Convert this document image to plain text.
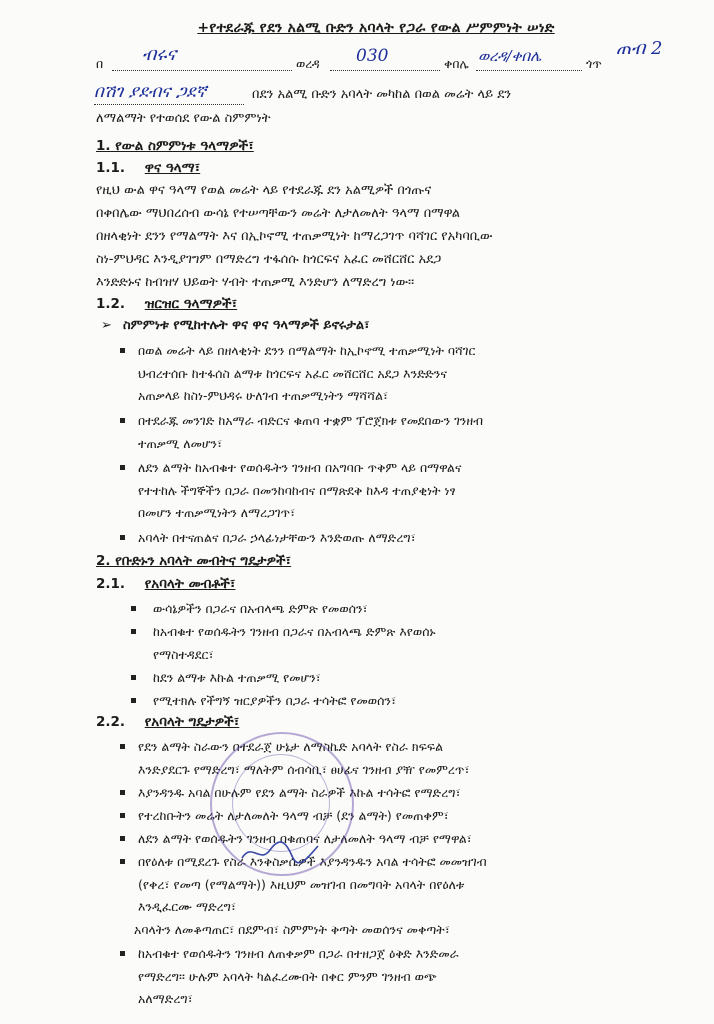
+የተደራጁ የደን አልሚ ቡድን አባላት የጋራ የውል ሥምምነት ሠነድ
በ ብሩና	ወረዳ 030	ቀበሌ ወረዳ/ቀበሌ	ጎጥ
ጠብ 2
በሽገ ያደብና ጋደኛ	በደን አልሚ ቡድን አባላት መካከል በወል መሬት ላይ ደን
ለማልማት የተወሰደ የውል ስምምነት
1. የውል ስምምነቱ ዓላማዎች፣
1.1. ዋና ዓላማ፣
የዚህ ውል ዋና ዓላማ የወል መሬት ላይ የተደራጁ ደን አልሚዎች በጎጡና
በቀበሌው ማህበረሰብ ውሳኔ የተሠጣቸውን መሬት ለታለመለት ዓላማ በማዋል
በዘላቂነት ደንን የማልማት እና በኢኮኖሚ ተጠቃሚነት ከማረጋገጥ ባሻገር የአካባቢው
ስነ-ምህዳር እንዲያገግም በማድረግ ተፋሰሱ ከጎርፍና አፈር መሸርሸር አደጋ
እንድድኑና ከብዝሃ ህይወት ሃብት ተጠቃሚ እንድሆን ለማድረግ ነው፡፡
1.2. ዝርዝር ዓላማዎች፣
➢ ስምምነቱ የሚከተሉት ዋና ዋና ዓላማዎች ይኖሩታል፣
በወል መሬት ላይ በዘላቂነት ደንን በማልማት ከኢኮኖሚ ተጠቃሚነት ባሻገር
ህብረተሰቡ ከተፋሰስ ልማቱ ከጎርፍና አፈር መሸርሸር አደጋ እንድድንና
አጠቃላይ ከስነ-ምህዳሩ ሁለገብ ተጠቃሚነትን ማሻሻል፣
በተደራጁ መንገድ ከአማራ ብድርና ቁጠባ ተቋም ፕሮጀክቱ የመደበውን ገንዘብ
ተጠቃሚ ለመሆን፣
ለደን ልማት ከአብቁተ የወሰዱትን ገንዘብ በአግባቡ ጥቅም ላይ በማዋልና
የተተከሉ ችግኞችን በጋራ በመንከባከብና በማጽደቅ ከእዳ ተጠያቂነት ነፃ
በመሆን ተጠቃሚነትን ለማረጋገጥ፣
አባላት በተናጠልና በጋራ ኃላፊነታቸውን እንድወጡ ለማድረግ፣
2. የቡድኑን አባላት መብትና ግዴታዎች፣
2.1. የአባላት መብቶች፣
ውሳኔዎችን በጋራና በአብላጫ ድምጽ የመወሰን፣
ከአብቁተ የወሰዱትን ገንዘብ በጋራና በአብላጫ ድምጽ እየወሰኑ
የማስተዳደር፣
ከደን ልማቱ እኩል ተጠቃሚ የመሆን፣
የሚተክሉ የችግኝ ዝርያዎችን በጋራ ተሳትፎ የመወሰን፣
2.2. የአባላት ግዴታዎች፣
የደን ልማት ስራውን በተደራጀ ሁኔታ ለማስኬድ አባላት የስራ ክፍፍል
እንድያደርጉ የማድረግ፣ ማለትም ሰብሳቢ፣ ፀሀፊና ገንዘብ ያዥ የመምረጥ፣
እያንዳንዱ አባል በሁሉም የደን ልማት ስራዎች እኩል ተሳትፎ የማድረግ፣
የተረከቡትን መሬት ለታለመለት ዓላማ ብቻ (ደን ልማት) የመጠቀም፣
ለደን ልማት የወሰዱትን ገንዘብ በቁጠባና ለታለመለት ዓላማ ብቻ የማዋል፣
በየዕለቱ በሚደረጉ የስራ እንቅስቃሴዎች እያንዳንዱን አባል ተሳትፎ መመዝገብ
(የቀረ፣ የመጣ (የማልማት)) እዚህም መዝገብ በመግባት አባላት በየዕለቱ
እንዲፈርሙ ማድረግ፣
አባላትን ለመቆጣጠር፣ በደምብ፣ ስምምነት ቅጣት መወሰንና መቀጣት፣
ከአብቁተ የወሰዱትን ገንዘብ ለጠቀቃም በጋራ በተዘጋጀ ዕቅድ እንድመራ
የማድረግ፡፡ ሁሉም አባላት ካልፈረሙበት በቀር ምንም ገንዘብ ወጭ
አለማድረግ፣
